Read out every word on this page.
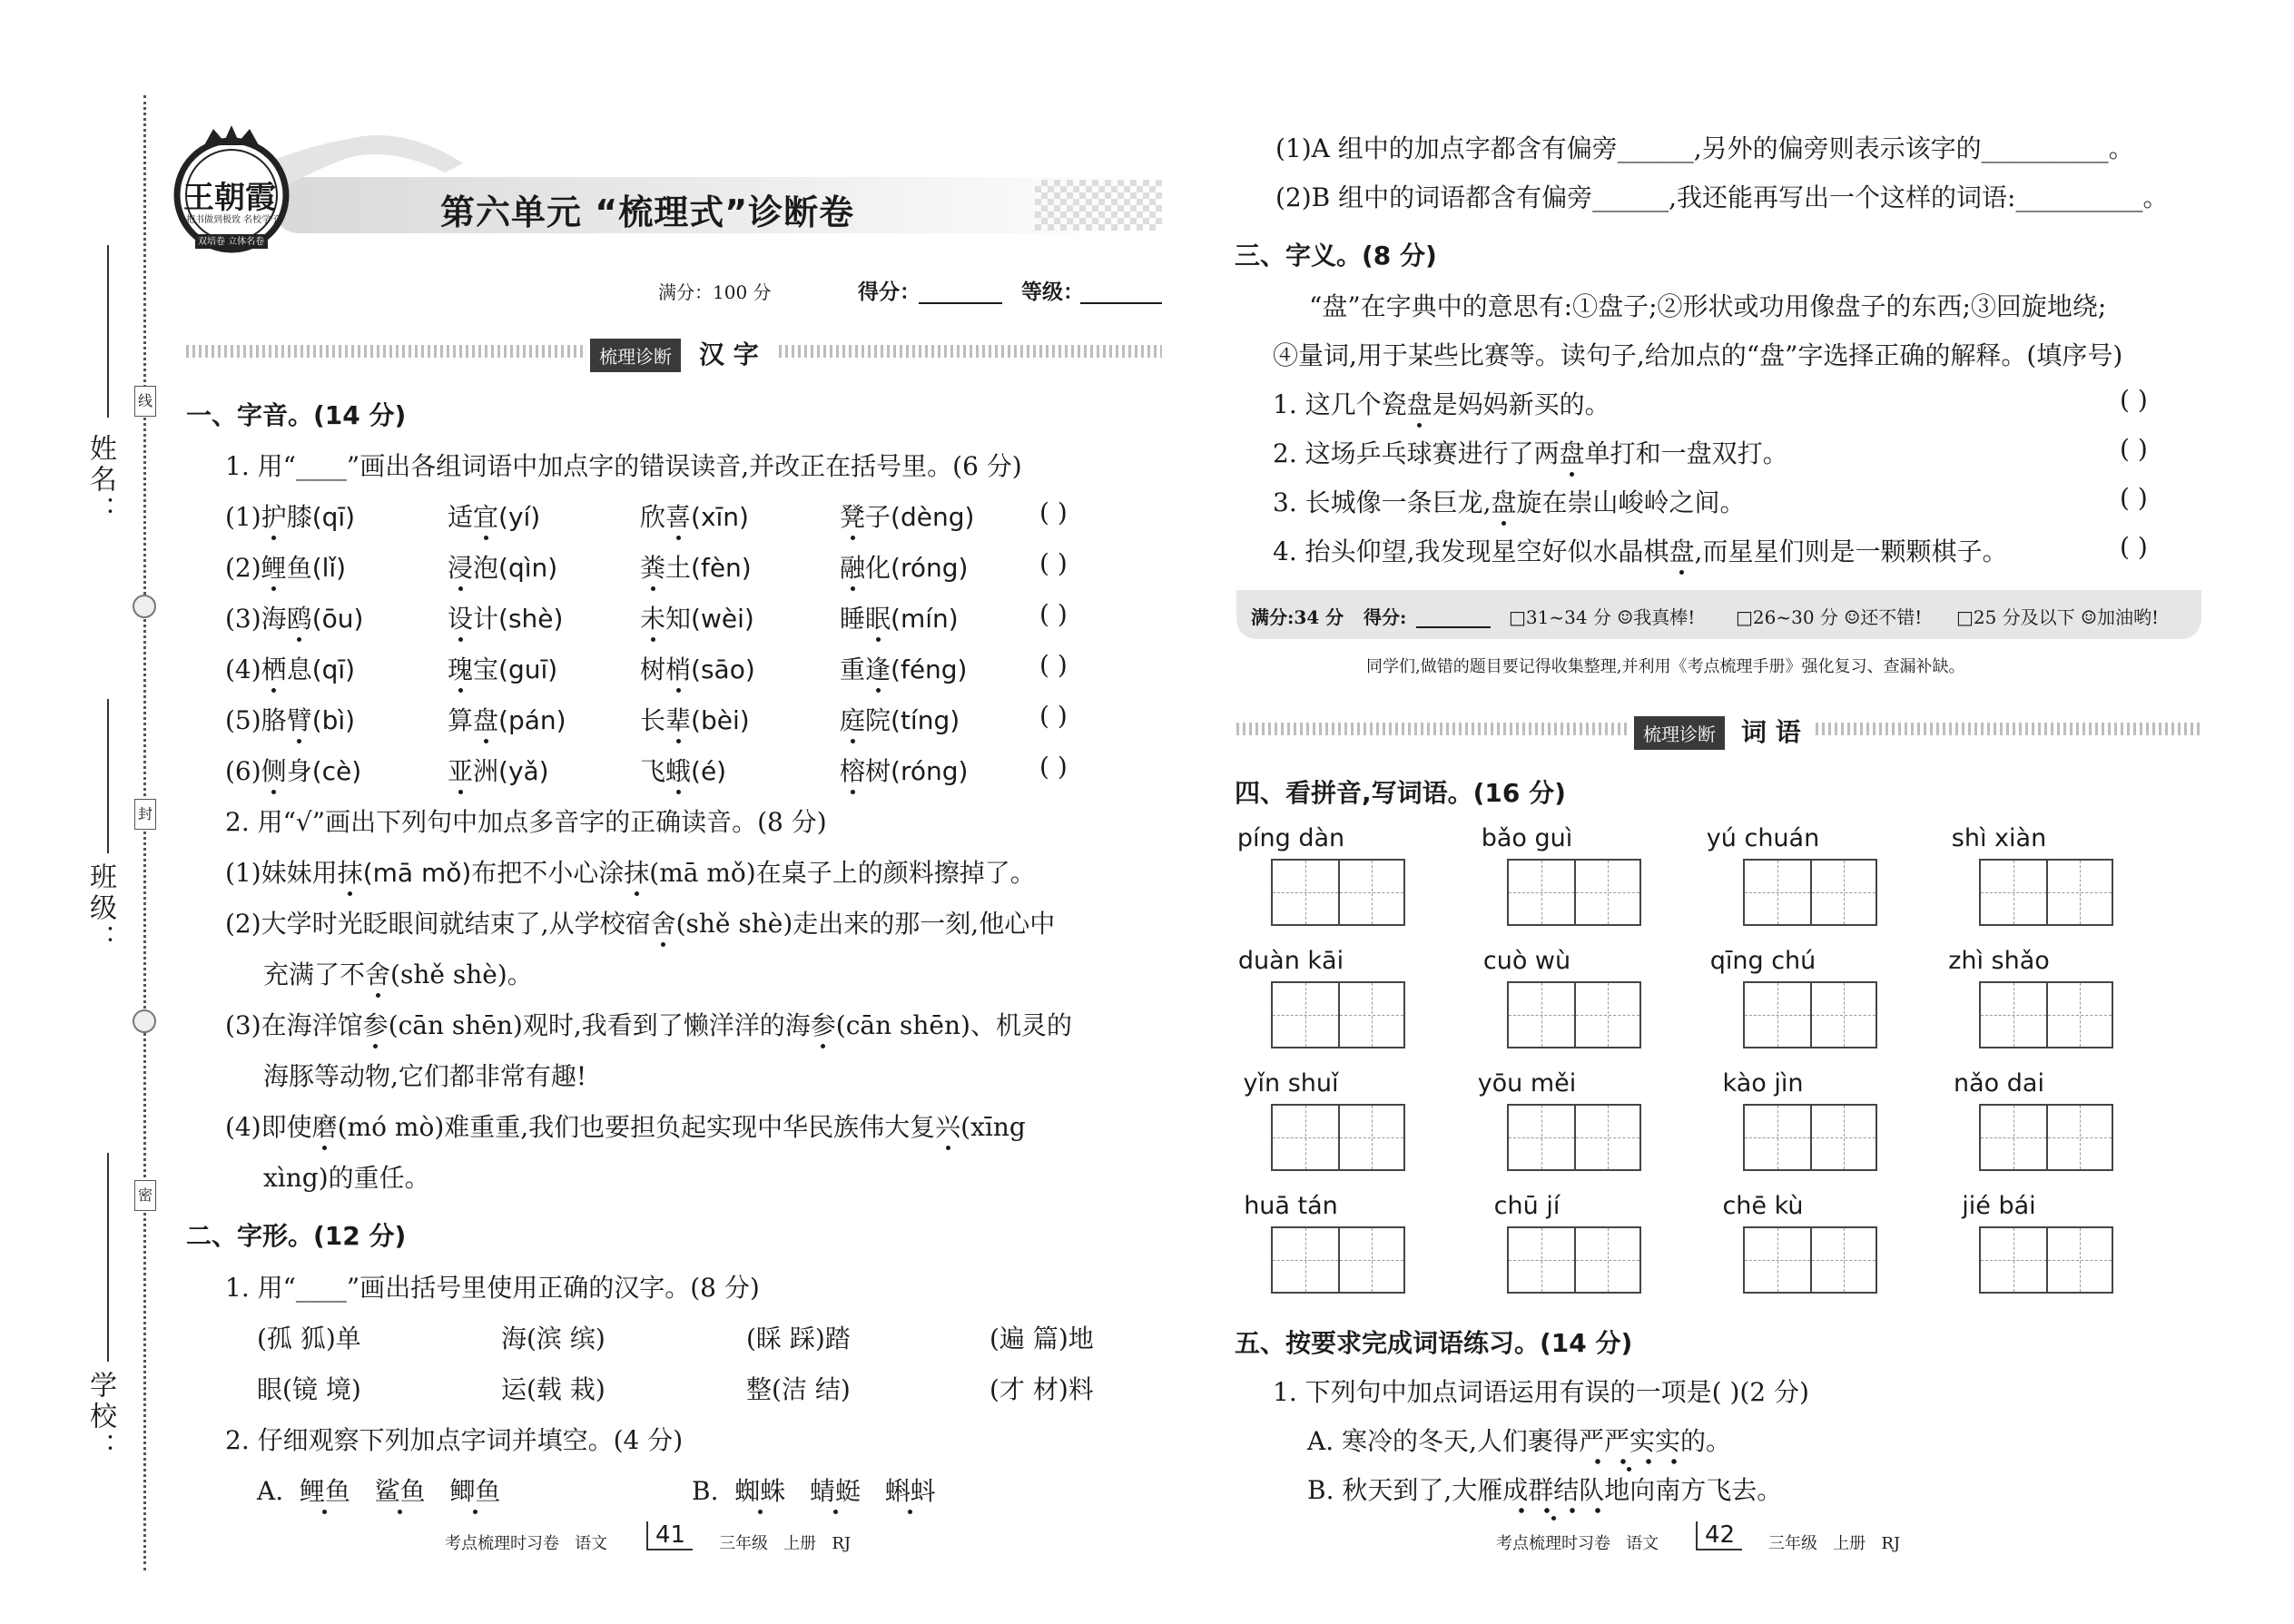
姓名：
班级：
学校：
线
封
密
王朝霞
把书做到极致 名校学子
双培卷 立体名卷
第六单元 “梳理式”诊断卷
满分：100 分	得分：	等级：
梳理诊断	汉 字
一、字音。(14 分)
1. 用“____”画出各组词语中加点字的错误读音,并改正在括号里。(6 分)
(1)护膝(qī)	适宜(yí)	欣喜(xīn)	凳子(dèng)	( )
(2)鲤鱼(lǐ)	浸泡(qìn)	粪土(fèn)	融化(róng)	( )
(3)海鸥(ōu)	设计(shè)	未知(wèi)	睡眠(mín)	( )
(4)栖息(qī)	瑰宝(guī)	树梢(sāo)	重逢(féng)	( )
(5)胳臂(bì)	算盘(pán)	长辈(bèi)	庭院(tíng)	( )
(6)侧身(cè)	亚洲(yǎ)	飞蛾(é)	榕树(róng)	( )
2. 用“√”画出下列句中加点多音字的正确读音。(8 分)
(1)妹妹用抹(mā mǒ)布把不小心涂抹(mā mǒ)在桌子上的颜料擦掉了。
(2)大学时光眨眼间就结束了,从学校宿舍(shě shè)走出来的那一刻,他心中
充满了不舍(shě shè)。
(3)在海洋馆参(cān shēn)观时,我看到了懒洋洋的海参(cān shēn)、机灵的
海豚等动物,它们都非常有趣!
(4)即使磨(mó mò)难重重,我们也要担负起实现中华民族伟大复兴(xīng
xìng)的重任。
二、字形。(12 分)
1. 用“____”画出括号里使用正确的汉字。(8 分)
(孤 狐)单	海(滨 缤)	(睬 踩)踏	(遍 篇)地
眼(镜 境)	运(载 栽)	整(洁 结)	(才 材)料
2. 仔细观察下列加点字词并填空。(4 分)
A. 鲤鱼 鲨鱼 鲫鱼	B. 蜘蛛 蜻蜓 蝌蚪
考点梳理时习卷 语文	41	三年级 上册 RJ
(1)A 组中的加点字都含有偏旁______,另外的偏旁则表示该字的__________。
(2)B 组中的词语都含有偏旁______,我还能再写出一个这样的词语:__________。
三、字义。(8 分)
“盘”在字典中的意思有:①盘子;②形状或功用像盘子的东西;③回旋地绕;
④量词,用于某些比赛等。读句子,给加点的“盘”字选择正确的解释。(填序号)
1. 这几个瓷盘是妈妈新买的。	( )
2. 这场乒乓球赛进行了两盘单打和一盘双打。	( )
3. 长城像一条巨龙,盘旋在崇山峻岭之间。	( )
4. 抬头仰望,我发现星空好似水晶棋盘,而星星们则是一颗颗棋子。	( )
满分:34 分 得分:	□31~34 分 ☺我真棒! □26~30 分 ☺还不错! □25 分及以下 ☺加油哟!
同学们,做错的题目要记得收集整理,并利用《考点梳理手册》强化复习、查漏补缺。
梳理诊断	词 语
四、看拼音,写词语。(16 分)
píng dàn	bǎo guì	yú chuán	shì xiàn
duàn kāi	cuò wù	qīng chú	zhì shǎo
yǐn shuǐ	yōu měi	kào jìn	nǎo dai
huā tán	chū jí	chē kù	jié bái
五、按要求完成词语练习。(14 分)
1. 下列句中加点词语运用有误的一项是( )(2 分)
A. 寒冷的冬天,人们裹得严严实实的。
B. 秋天到了,大雁成群结队地向南方飞去。
考点梳理时习卷 语文	42	三年级 上册 RJ
